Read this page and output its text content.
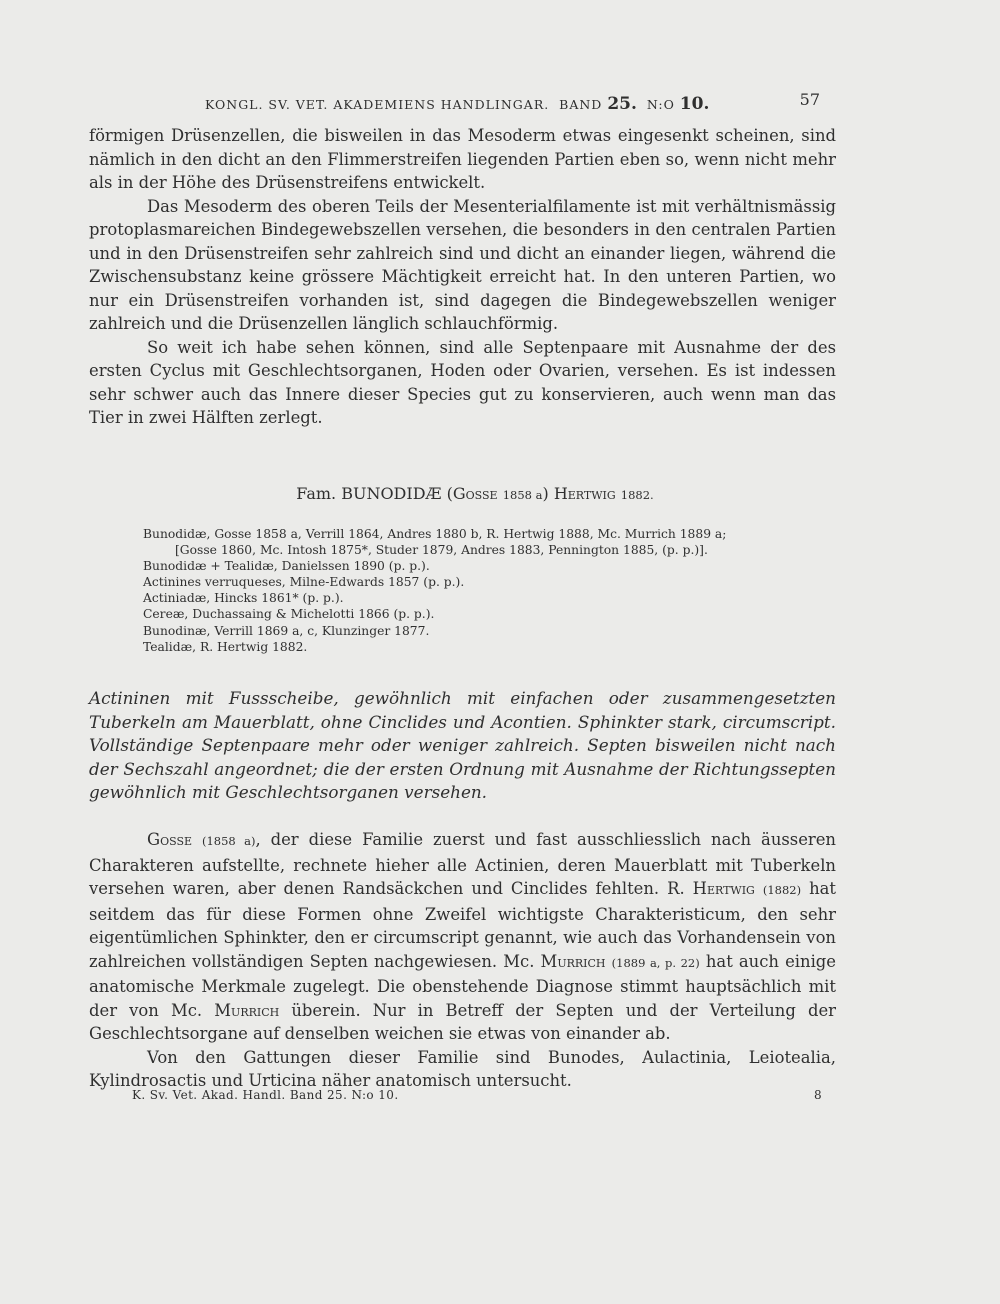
KONGL. SV. VET. AKADEMIENS HANDLINGAR. BAND 25. N:O 10.	57

förmigen Drüsenzellen, die bisweilen in das Mesoderm etwas eingesenkt scheinen, sind nämlich in den dicht an den Flimmerstreifen liegenden Partien eben so, wenn nicht mehr als in der Höhe des Drüsenstreifens entwickelt.

Das Mesoderm des oberen Teils der Mesenterialfilamente ist mit verhältnismässig protoplasmareichen Bindegewebszellen versehen, die besonders in den centralen Partien und in den Drüsenstreifen sehr zahlreich sind und dicht an einander liegen, während die Zwischensubstanz keine grössere Mächtigkeit erreicht hat. In den unteren Partien, wo nur ein Drüsenstreifen vorhanden ist, sind dagegen die Bindegewebszellen weniger zahlreich und die Drüsenzellen länglich schlauchförmig.

So weit ich habe sehen können, sind alle Septenpaare mit Ausnahme der des ersten Cyclus mit Geschlechtsorganen, Hoden oder Ovarien, versehen. Es ist indessen sehr schwer auch das Innere dieser Species gut zu konservieren, auch wenn man das Tier in zwei Hälften zerlegt.

Fam. BUNODIDÆ (Gosse 1858 a) Hertwig 1882.
Bunodidæ, Gosse 1858 a, Verrill 1864, Andres 1880 b, R. Hertwig 1888, Mc. Murrich 1889 a;
[Gosse 1860, Mc. Intosh 1875*, Studer 1879, Andres 1883, Pennington 1885, (p. p.)].
Bunodidæ + Tealidæ, Danielssen 1890 (p. p.).
Actinines verruqueses, Milne-Edwards 1857 (p. p.).
Actiniadæ, Hincks 1861* (p. p.).
Cereæ, Duchassaing & Michelotti 1866 (p. p.).
Bunodinæ, Verrill 1869 a, c, Klunzinger 1877.
Tealidæ, R. Hertwig 1882.
Actininen mit Fussscheibe, gewöhnlich mit einfachen oder zusammengesetzten Tuberkeln am Mauerblatt, ohne Cinclides und Acontien. Sphinkter stark, circumscript. Vollständige Septenpaare mehr oder weniger zahlreich. Septen bisweilen nicht nach der Sechszahl angeordnet; die der ersten Ordnung mit Ausnahme der Richtungssepten gewöhnlich mit Geschlechtsorganen versehen.

Gosse (1858 a), der diese Familie zuerst und fast ausschliesslich nach äusseren Charakteren aufstellte, rechnete hieher alle Actinien, deren Mauerblatt mit Tuberkeln versehen waren, aber denen Randsäckchen und Cinclides fehlten. R. Hertwig (1882) hat seitdem das für diese Formen ohne Zweifel wichtigste Charakteristicum, den sehr eigentümlichen Sphinkter, den er circumscript genannt, wie auch das Vorhandensein von zahlreichen vollständigen Septen nachgewiesen. Mc. Murrich (1889 a, p. 22) hat auch einige anatomische Merkmale zugelegt. Die obenstehende Diagnose stimmt hauptsächlich mit der von Mc. Murrich überein. Nur in Betreff der Septen und der Verteilung der Geschlechtsorgane auf denselben weichen sie etwas von einander ab.

Von den Gattungen dieser Familie sind Bunodes, Aulactinia, Leiotealia, Kylindrosactis und Urticina näher anatomisch untersucht.

K. Sv. Vet. Akad. Handl. Band 25. N:o 10.	8
